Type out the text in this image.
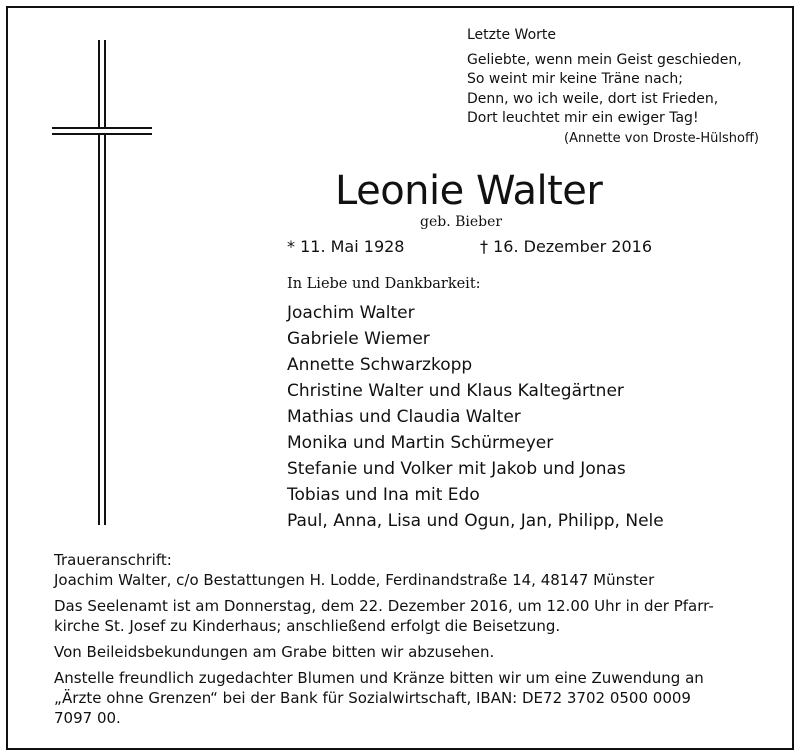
Letzte Worte
Geliebte, wenn mein Geist geschieden,
So weint mir keine Träne nach;
Denn, wo ich weile, dort ist Frieden,
Dort leuchtet mir ein ewiger Tag!
(Annette von Droste-Hülshoff)
Leonie Walter
geb. Bieber
* 11. Mai 1928	† 16. Dezember 2016
In Liebe und Dankbarkeit:
Joachim Walter
Gabriele Wiemer
Annette Schwarzkopp
Christine Walter und Klaus Kaltegärtner
Mathias und Claudia Walter
Monika und Martin Schürmeyer
Stefanie und Volker mit Jakob und Jonas
Tobias und Ina mit Edo
Paul, Anna, Lisa und Ogun, Jan, Philipp, Nele

Traueranschrift:
Joachim Walter, c/o Bestattungen H. Lodde, Ferdinandstraße 14, 48147 Münster

Das Seelenamt ist am Donnerstag, dem 22. Dezember 2016, um 12.00 Uhr in der Pfarr-
kirche St. Josef zu Kinderhaus; anschließend erfolgt die Beisetzung.

Von Beileidsbekundungen am Grabe bitten wir abzusehen.

Anstelle freundlich zugedachter Blumen und Kränze bitten wir um eine Zuwendung an
„Ärzte ohne Grenzen“ bei der Bank für Sozialwirtschaft, IBAN: DE72 3702 0500 0009
7097 00.
